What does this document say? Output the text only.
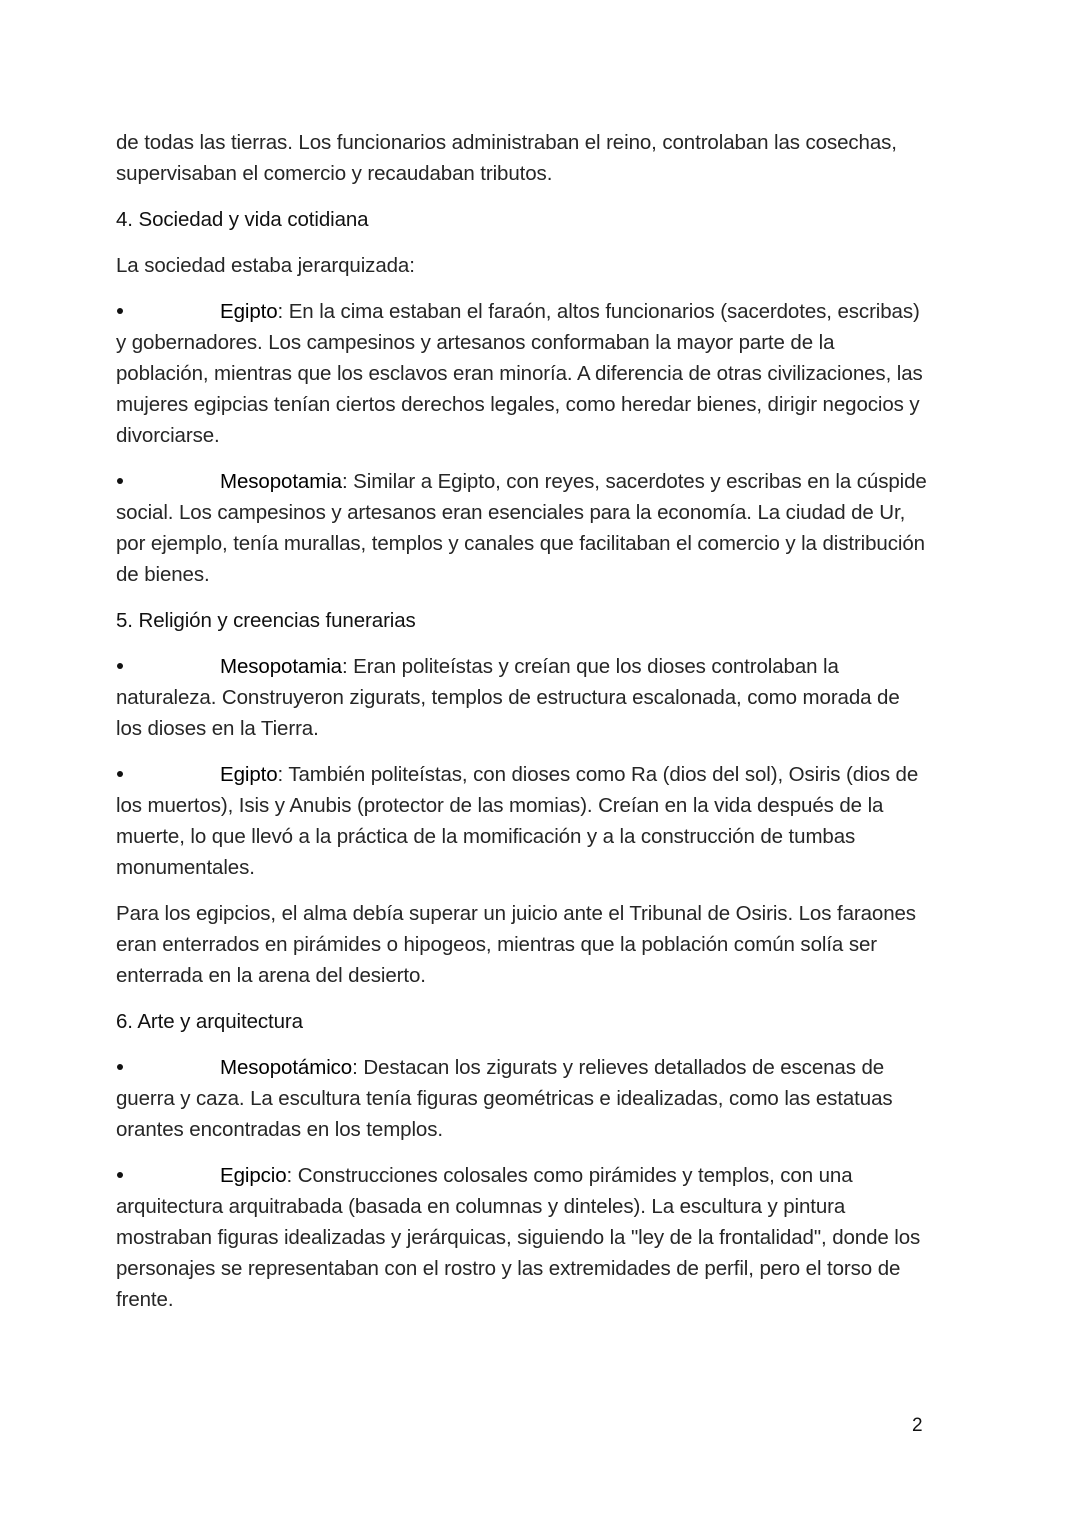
de todas las tierras. Los funcionarios administraban el reino, controlaban las cosechas, supervisaban el comercio y recaudaban tributos.

4. Sociedad y vida cotidiana

La sociedad estaba jerarquizada:

Egipto: En la cima estaban el faraón, altos funcionarios (sacerdotes, escribas) y gobernadores. Los campesinos y artesanos conformaban la mayor parte de la población, mientras que los esclavos eran minoría. A diferencia de otras civilizaciones, las mujeres egipcias tenían ciertos derechos legales, como heredar bienes, dirigir negocios y divorciarse.

Mesopotamia: Similar a Egipto, con reyes, sacerdotes y escribas en la cúspide social. Los campesinos y artesanos eran esenciales para la economía. La ciudad de Ur, por ejemplo, tenía murallas, templos y canales que facilitaban el comercio y la distribución de bienes.

5. Religión y creencias funerarias

Mesopotamia: Eran politeístas y creían que los dioses controlaban la naturaleza. Construyeron zigurats, templos de estructura escalonada, como morada de los dioses en la Tierra.

Egipto: También politeístas, con dioses como Ra (dios del sol), Osiris (dios de los muertos), Isis y Anubis (protector de las momias). Creían en la vida después de la muerte, lo que llevó a la práctica de la momificación y a la construcción de tumbas monumentales.

Para los egipcios, el alma debía superar un juicio ante el Tribunal de Osiris. Los faraones eran enterrados en pirámides o hipogeos, mientras que la población común solía ser enterrada en la arena del desierto.

6. Arte y arquitectura

Mesopotámico: Destacan los zigurats y relieves detallados de escenas de guerra y caza. La escultura tenía figuras geométricas e idealizadas, como las estatuas orantes encontradas en los templos.

Egipcio: Construcciones colosales como pirámides y templos, con una arquitectura arquitrabada (basada en columnas y dinteles). La escultura y pintura mostraban figuras idealizadas y jerárquicas, siguiendo la "ley de la frontalidad", donde los personajes se representaban con el rostro y las extremidades de perfil, pero el torso de frente.

2
